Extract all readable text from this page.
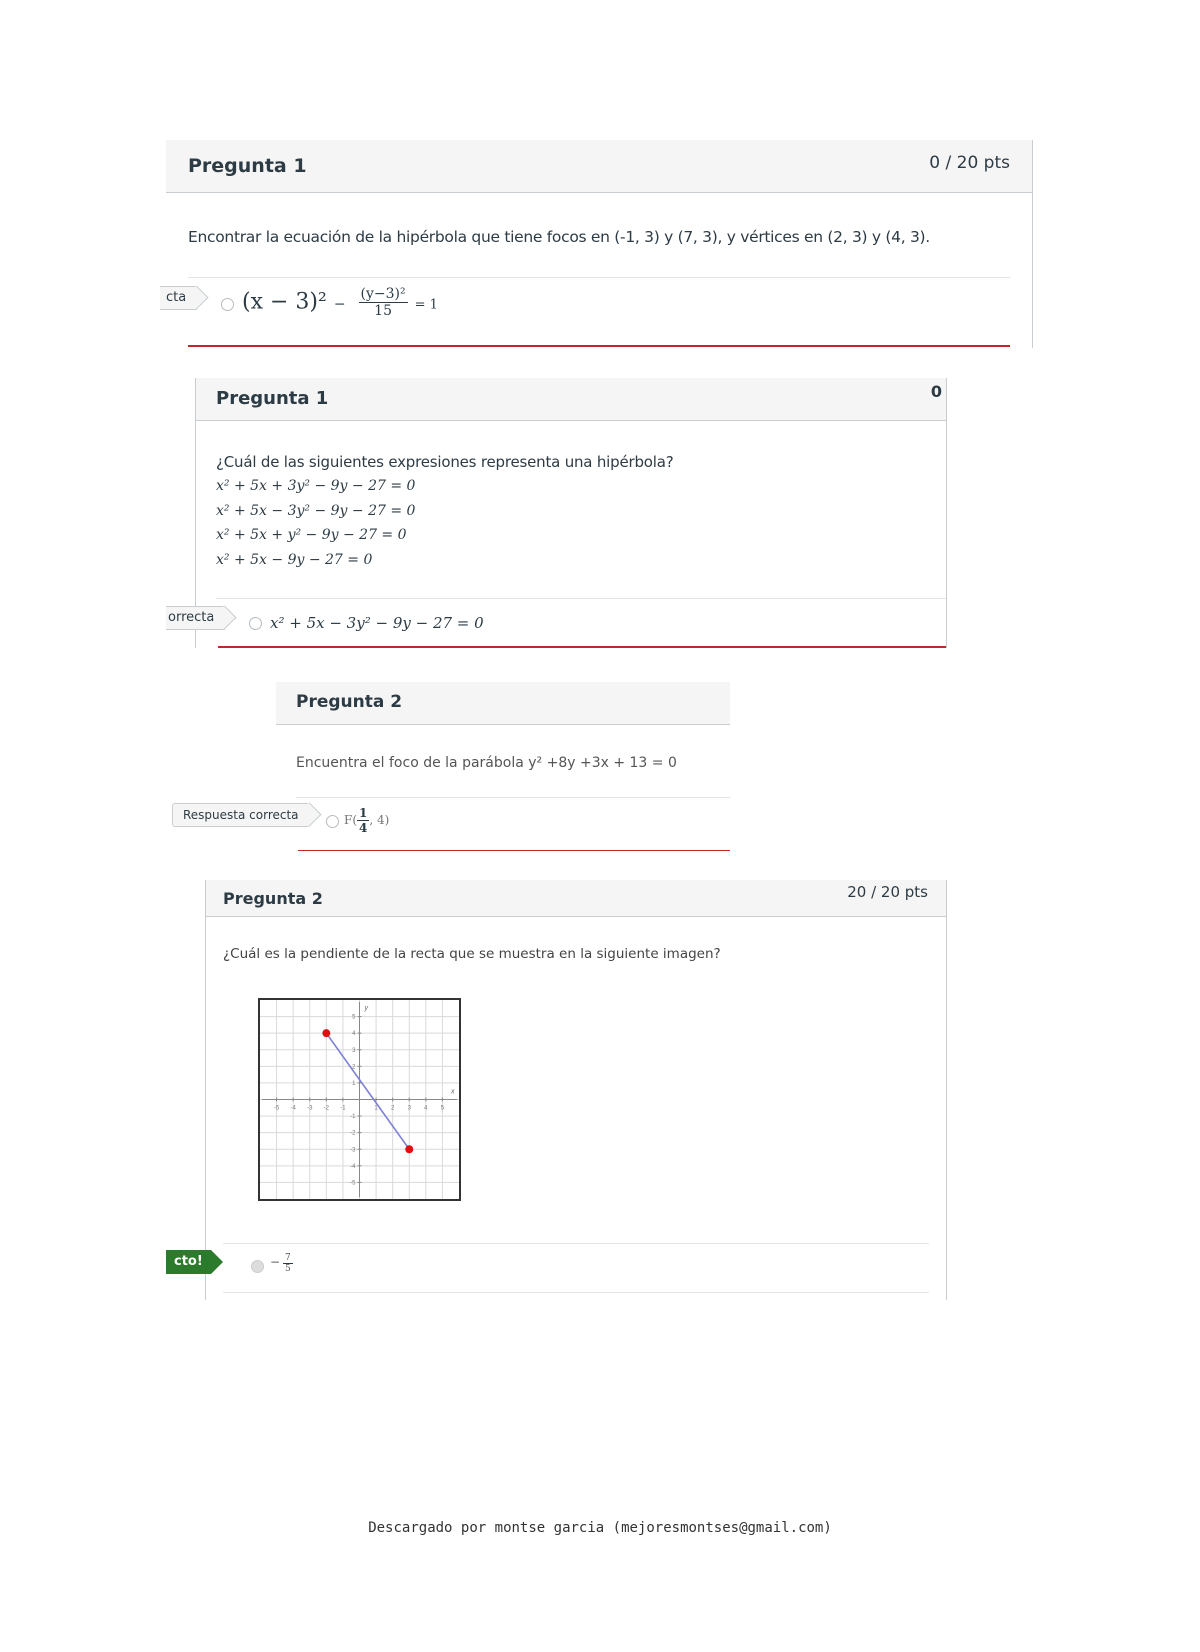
Pregunta 1	0 / 20 pts
Encontrar la ecuación de la hipérbola que tiene focos en (-1, 3) y (7, 3), y vértices en (2, 3) y (4, 3).
$(x - 3)^2 - \frac{\text{(y−3)²}}{15} = 1$
cta
Pregunta 1	0
¿Cuál de las siguientes expresiones representa una hipérbola?
x² + 5x + 3y² − 9y − 27 = 0
x² + 5x − 3y² − 9y − 27 = 0
x² + 5x + y² − 9y − 27 = 0
x² + 5x − 9y − 27 = 0
x² + 5x − 3y² − 9y − 27 = 0
orrecta
Pregunta 2
Encuentra el foco de la parábola y² +8y +3x + 13 = 0
$F( \frac{1}{4}$ , 4)
Respuesta correcta
Pregunta 2	20 / 20 pts
¿Cuál es la pendiente de la recta que se muestra en la siguiente imagen?
x
y
-5 -4 -3 -2 -1	1 2 3 4 5
5
4
3
2
1
-1
-2
-3
-4
-5
− $\frac{7}{5}$
cto!
Descargado por montse garcia (mejoresmontses@gmail.com)
